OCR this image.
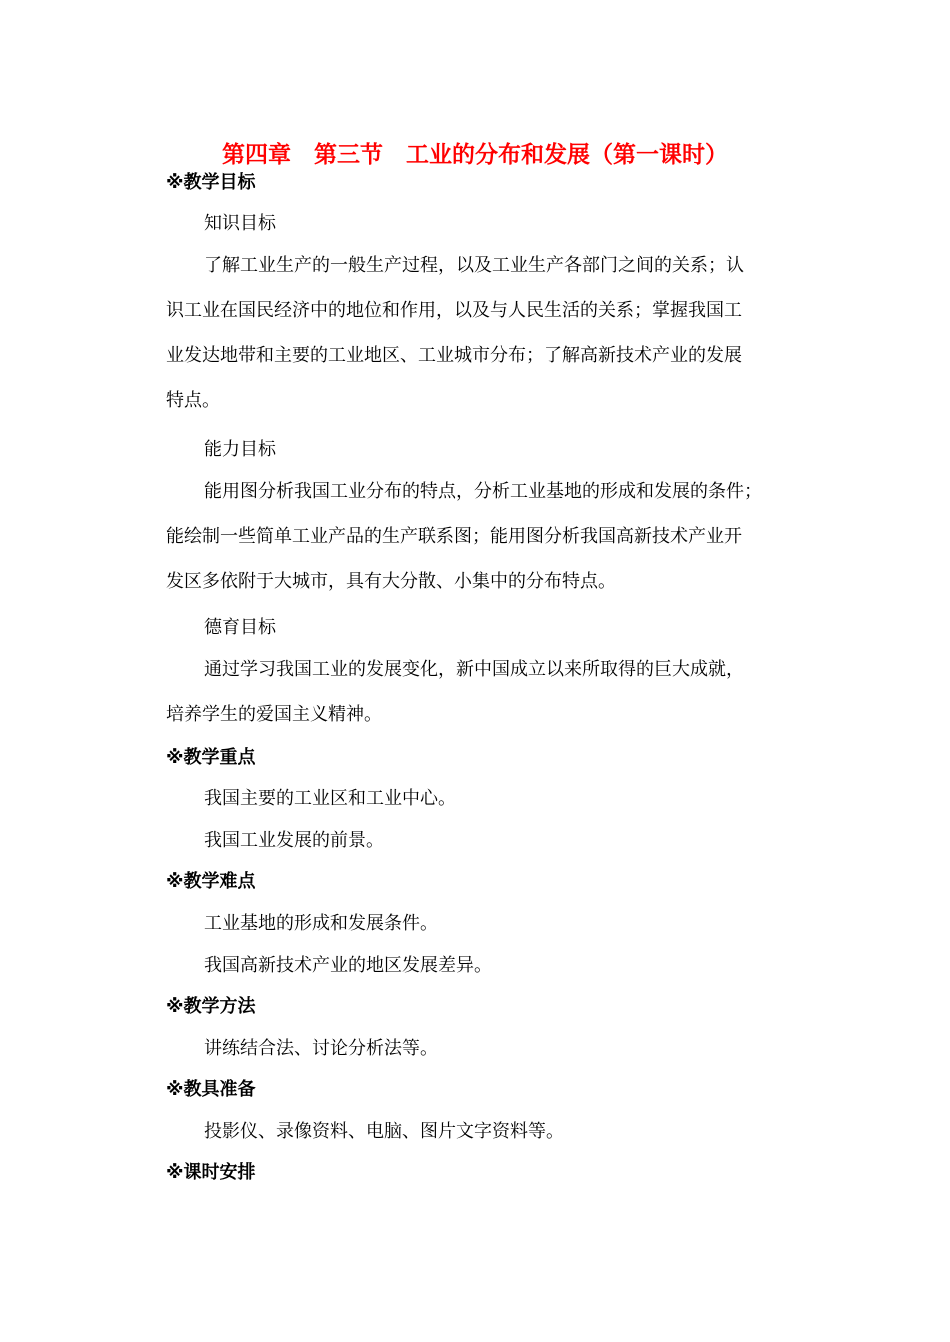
第四章　第三节　工业的分布和发展（第一课时）
※教学目标
知识目标
了解工业生产的一般生产过程，以及工业生产各部门之间的关系；认
识工业在国民经济中的地位和作用，以及与人民生活的关系；掌握我国工
业发达地带和主要的工业地区、工业城市分布；了解高新技术产业的发展
特点。
能力目标
能用图分析我国工业分布的特点，分析工业基地的形成和发展的条件；
能绘制一些简单工业产品的生产联系图；能用图分析我国高新技术产业开
发区多依附于大城市，具有大分散、小集中的分布特点。
德育目标
通过学习我国工业的发展变化，新中国成立以来所取得的巨大成就，
培养学生的爱国主义精神。
※教学重点
我国主要的工业区和工业中心。
我国工业发展的前景。
※教学难点
工业基地的形成和发展条件。
我国高新技术产业的地区发展差异。
※教学方法
讲练结合法、讨论分析法等。
※教具准备
投影仪、录像资料、电脑、图片文字资料等。
※课时安排
